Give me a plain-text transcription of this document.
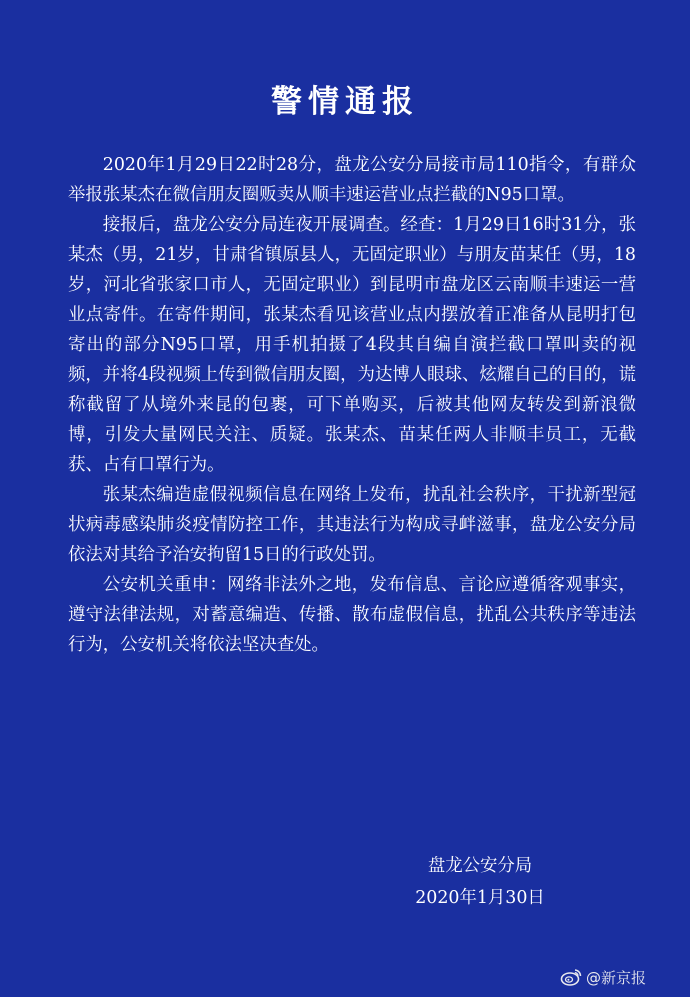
警情通报

2020年1月29日22时28分，盘龙公安分局接市局110指令，有群众举报张某杰在微信朋友圈贩卖从顺丰速运营业点拦截的N95口罩。

接报后，盘龙公安分局连夜开展调查。经查：1月29日16时31分，张某杰（男，21岁，甘肃省镇原县人，无固定职业）与朋友苗某任（男，18岁，河北省张家口市人，无固定职业）到昆明市盘龙区云南顺丰速运一营业点寄件。在寄件期间，张某杰看见该营业点内摆放着正准备从昆明打包寄出的部分N95口罩，用手机拍摄了4段其自编自演拦截口罩叫卖的视频，并将4段视频上传到微信朋友圈，为达博人眼球、炫耀自己的目的，谎称截留了从境外来昆的包裹，可下单购买，后被其他网友转发到新浪微博，引发大量网民关注、质疑。张某杰、苗某任两人非顺丰员工，无截获、占有口罩行为。

张某杰编造虚假视频信息在网络上发布，扰乱社会秩序，干扰新型冠状病毒感染肺炎疫情防控工作，其违法行为构成寻衅滋事，盘龙公安分局依法对其给予治安拘留15日的行政处罚。

公安机关重申：网络非法外之地，发布信息、言论应遵循客观事实，遵守法律法规，对蓄意编造、传播、散布虚假信息，扰乱公共秩序等违法行为，公安机关将依法坚决查处。

盘龙公安分局
2020年1月30日
@新京报
